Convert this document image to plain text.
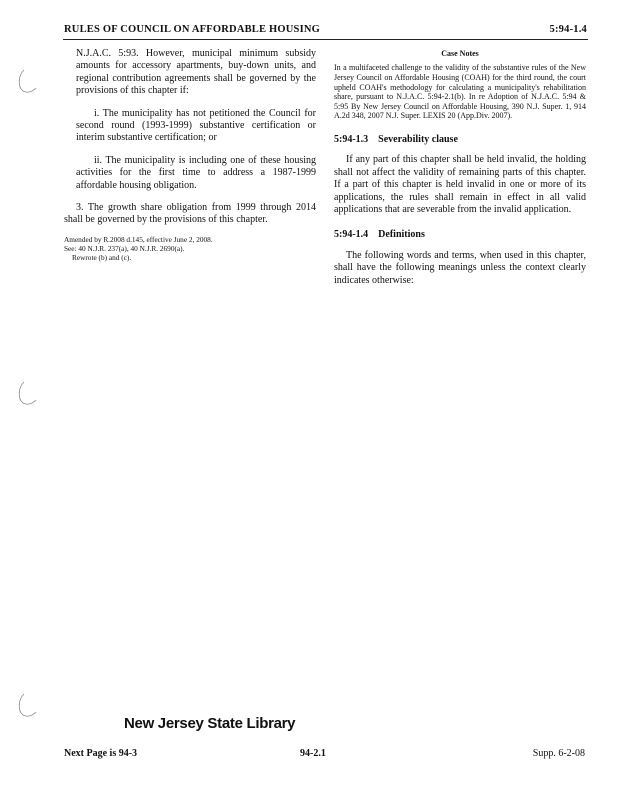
RULES OF COUNCIL ON AFFORDABLE HOUSING	5:94-1.4

N.J.A.C. 5:93. However, municipal minimum subsidy amounts for accessory apartments, buy-down units, and regional contribution agreements shall be governed by the provisions of this chapter if:

i. The municipality has not petitioned the Council for second round (1993-1999) substantive certification or interim substantive certification; or

ii. The municipality is including one of these housing activities for the first time to address a 1987-1999 affordable housing obligation.

3. The growth share obligation from 1999 through 2014 shall be governed by the provisions of this chapter.

Amended by R.2008 d.145, effective June 2, 2008.
See: 40 N.J.R. 237(a), 40 N.J.R. 2690(a).
Rewrote (b) and (c).
Case Notes

In a multifaceted challenge to the validity of the substantive rules of the New Jersey Council on Affordable Housing (COAH) for the third round, the court upheld COAH's methodology for calculating a municipality's rehabilitation share, pursuant to N.J.A.C. 5:94-2.1(b). In re Adoption of N.J.A.C. 5:94 & 5:95 By New Jersey Council on Affordable Housing, 390 N.J. Super. 1, 914 A.2d 348, 2007 N.J. Super. LEXIS 20 (App.Div. 2007).

5:94-1.3 Severability clause

If any part of this chapter shall be held invalid, the holding shall not affect the validity of remaining parts of this chapter. If a part of this chapter is held invalid in one or more of its applications, the rules shall remain in effect in all valid applications that are severable from the invalid application.

5:94-1.4 Definitions

The following words and terms, when used in this chapter, shall have the following meanings unless the context clearly indicates otherwise:

New Jersey State Library
Next Page is 94-3	94-2.1	Supp. 6-2-08
